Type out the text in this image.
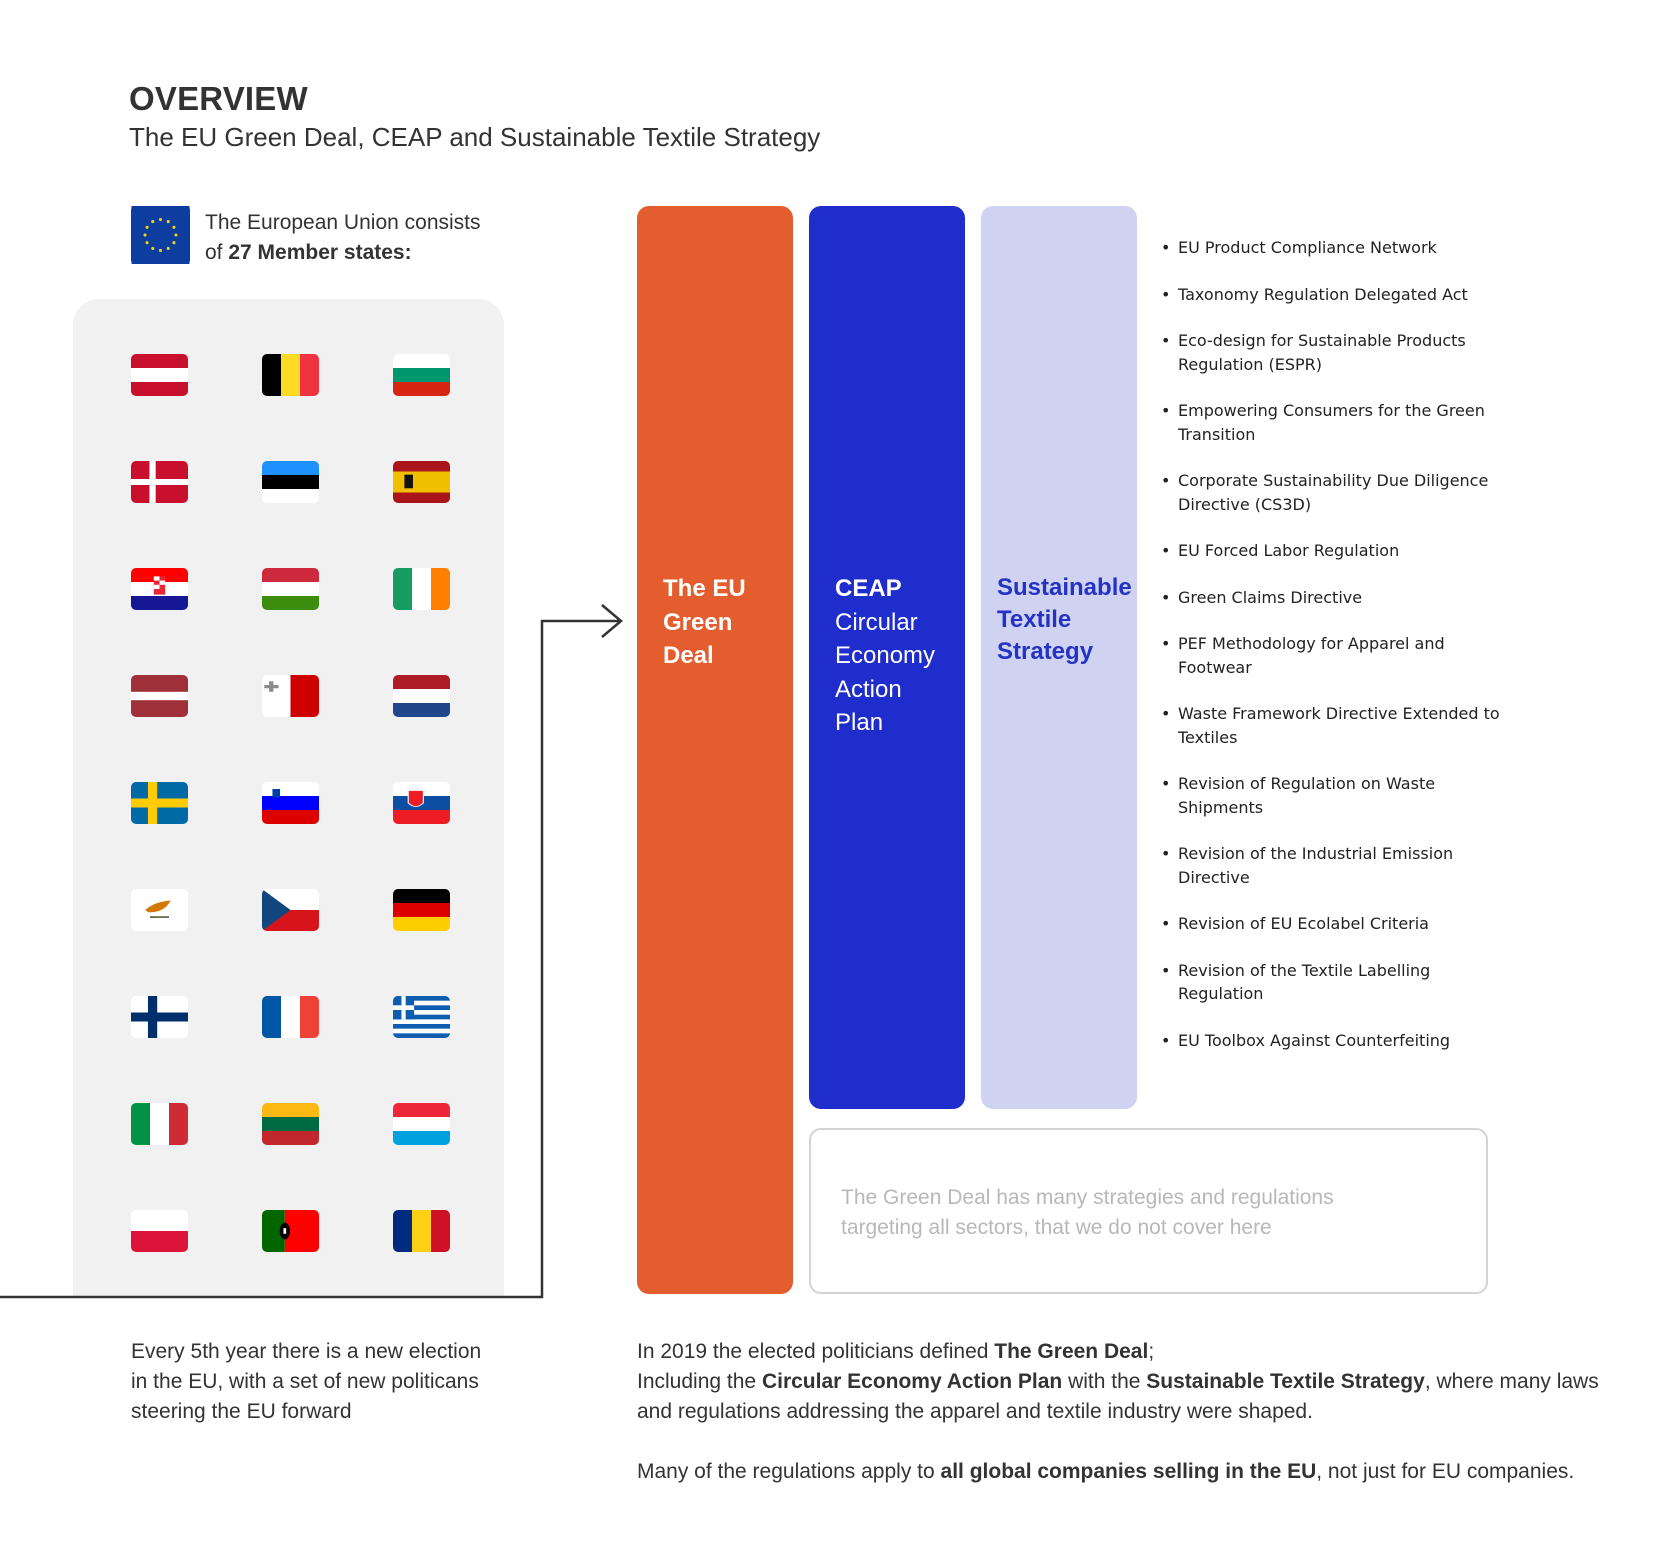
OVERVIEW
The EU Green Deal, CEAP and Sustainable Textile Strategy
The European Union consists
of 27 Member states:
The EU
Green
Deal
CEAP
Circular
Economy
Action
Plan
Sustainable
Textile
Strategy
• EU Product Compliance Network
• Taxonomy Regulation Delegated Act
• Eco-design for Sustainable Products Regulation (ESPR)
• Empowering Consumers for the Green Transition
• Corporate Sustainability Due Diligence Directive (CS3D)
• EU Forced Labor Regulation
• Green Claims Directive
• PEF Methodology for Apparel and Footwear
• Waste Framework Directive Extended to Textiles
• Revision of Regulation on Waste Shipments
• Revision of the Industrial Emission Directive
• Revision of EU Ecolabel Criteria
• Revision of the Textile Labelling Regulation
• EU Toolbox Against Counterfeiting
The Green Deal has many strategies and regulations
targeting all sectors, that we do not cover here
Every 5th year there is a new election
in the EU, with a set of new politicans
steering the EU forward

In 2019 the elected politicians defined The Green Deal;
Including the Circular Economy Action Plan with the Sustainable Textile Strategy, where many laws and regulations addressing the apparel and textile industry were shaped.

Many of the regulations apply to all global companies selling in the EU, not just for EU companies.
